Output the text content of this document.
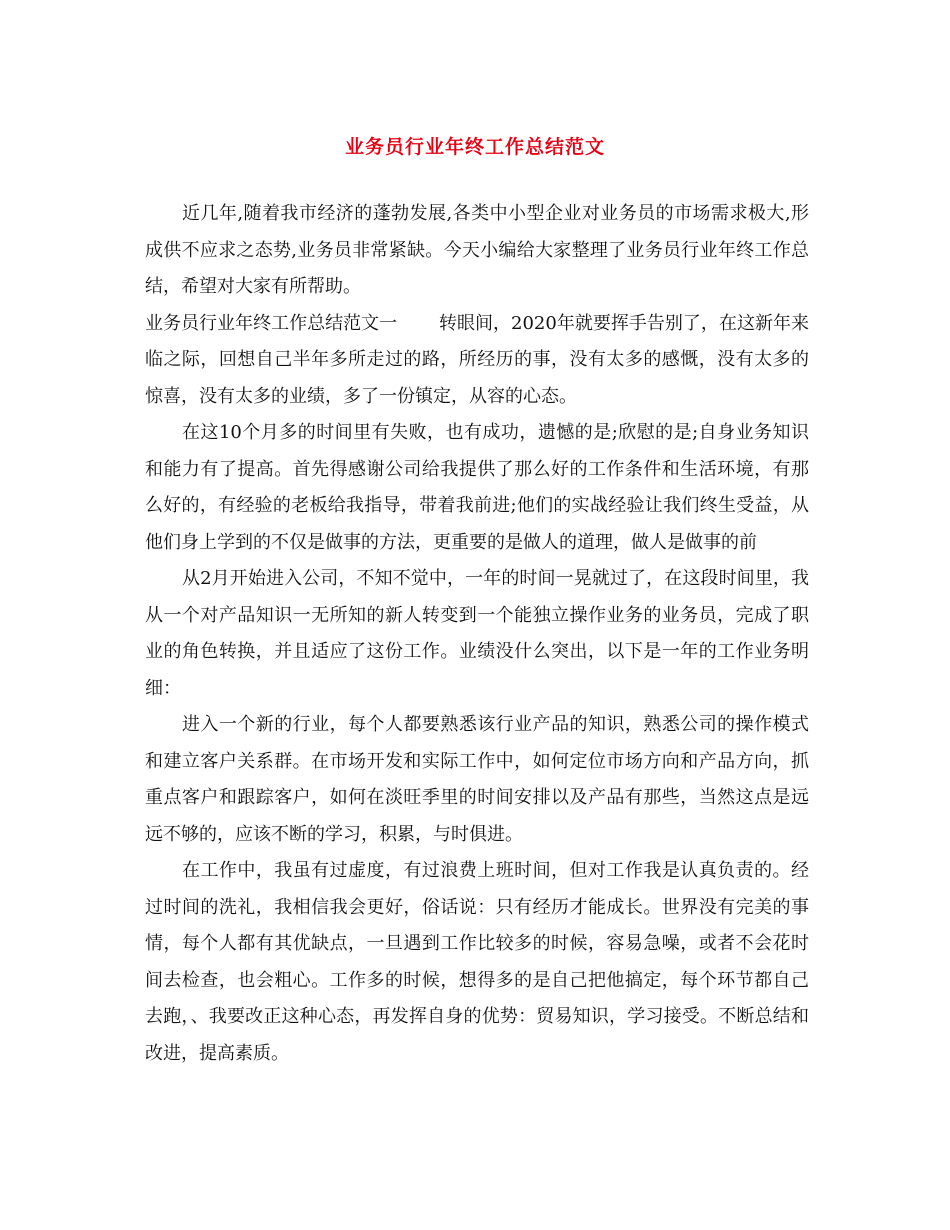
业务员行业年终工作总结范文

近几年,随着我市经济的蓬勃发展,各类中小型企业对业务员的市场需求极大,形成供不应求之态势,业务员非常紧缺。今天小编给大家整理了业务员行业年终工作总结，希望对大家有所帮助。

业务员行业年终工作总结范文一　　 转眼间，2020年就要挥手告别了，在这新年来临之际，回想自己半年多所走过的路，所经历的事，没有太多的感慨，没有太多的惊喜，没有太多的业绩，多了一份镇定，从容的心态。

在这10个月多的时间里有失败，也有成功，遗憾的是;欣慰的是;自身业务知识和能力有了提高。首先得感谢公司给我提供了那么好的工作条件和生活环境，有那么好的，有经验的老板给我指导，带着我前进;他们的实战经验让我们终生受益，从他们身上学到的不仅是做事的方法，更重要的是做人的道理，做人是做事的前

从2月开始进入公司，不知不觉中，一年的时间一晃就过了，在这段时间里，我从一个对产品知识一无所知的新人转变到一个能独立操作业务的业务员，完成了职业的角色转换，并且适应了这份工作。业绩没什么突出，以下是一年的工作业务明细：

进入一个新的行业，每个人都要熟悉该行业产品的知识，熟悉公司的操作模式和建立客户关系群。在市场开发和实际工作中，如何定位市场方向和产品方向，抓重点客户和跟踪客户，如何在淡旺季里的时间安排以及产品有那些，当然这点是远远不够的，应该不断的学习，积累，与时俱进。

在工作中，我虽有过虚度，有过浪费上班时间，但对工作我是认真负责的。经过时间的洗礼，我相信我会更好，俗话说：只有经历才能成长。世界没有完美的事情，每个人都有其优缺点，一旦遇到工作比较多的时候，容易急噪，或者不会花时间去检查，也会粗心。工作多的时候，想得多的是自己把他搞定，每个环节都自己去跑，、我要改正这种心态，再发挥自身的优势：贸易知识，学习接受。不断总结和改进，提高素质。
